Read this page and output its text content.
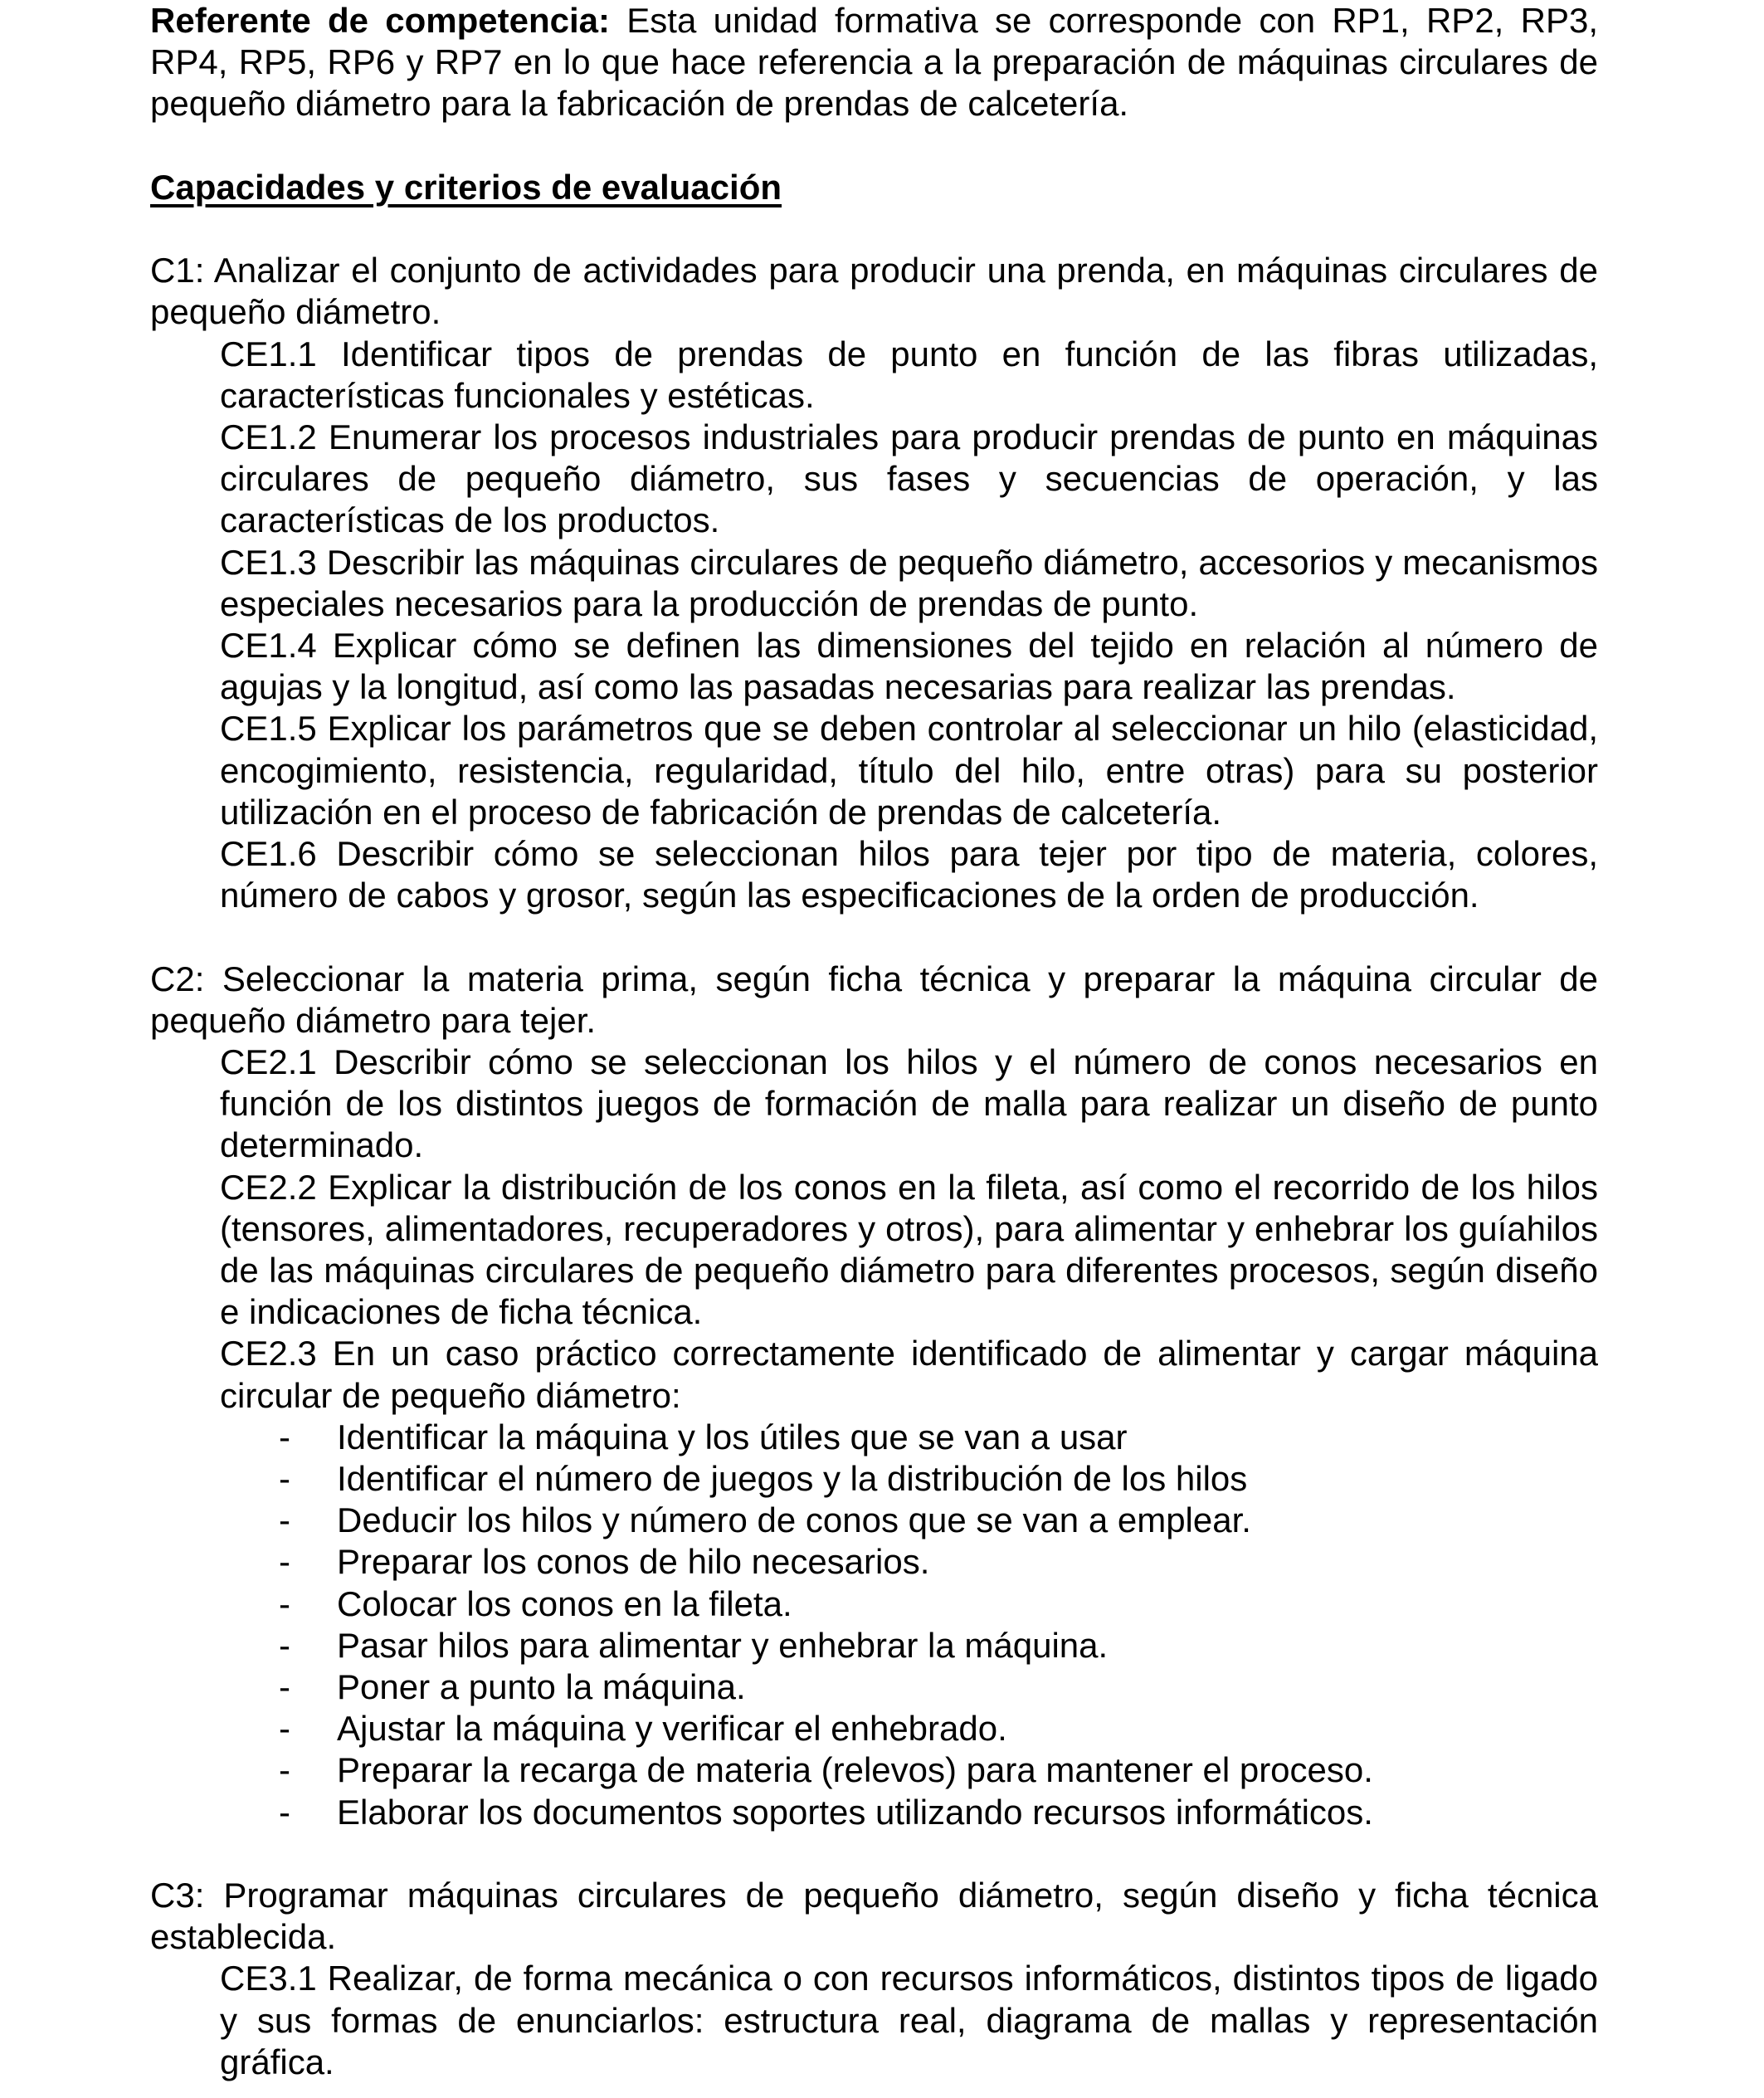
Referente de competencia: Esta unidad formativa se corresponde con RP1, RP2, RP3, RP4, RP5, RP6 y RP7 en lo que hace referencia a la preparación de máquinas circulares de pequeño diámetro para la fabricación de prendas de calcetería.

Capacidades y criterios de evaluación

C1: Analizar el conjunto de actividades para producir una prenda, en máquinas circulares de pequeño diámetro.

CE1.1 Identificar tipos de prendas de punto en función de las fibras utilizadas, características funcionales y estéticas.

CE1.2 Enumerar los procesos industriales para producir prendas de punto en máquinas circulares de pequeño diámetro, sus fases y secuencias de operación, y las características de los productos.

CE1.3 Describir las máquinas circulares de pequeño diámetro, accesorios y mecanismos especiales necesarios para la producción de prendas de punto.

CE1.4 Explicar cómo se definen las dimensiones del tejido en relación al número de agujas y la longitud, así como las pasadas necesarias para realizar las prendas.

CE1.5 Explicar los parámetros que se deben controlar al seleccionar un hilo (elasticidad, encogimiento, resistencia, regularidad, título del hilo, entre otras) para su posterior utilización en el proceso de fabricación de prendas de calcetería.

CE1.6 Describir cómo se seleccionan hilos para tejer por tipo de materia, colores, número de cabos y grosor, según las especificaciones de la orden de producción.

C2: Seleccionar la materia prima, según ficha técnica y preparar la máquina circular de pequeño diámetro para tejer.

CE2.1 Describir cómo se seleccionan los hilos y el número de conos necesarios en función de los distintos juegos de formación de malla para realizar un diseño de punto determinado.

CE2.2 Explicar la distribución de los conos en la fileta, así como el recorrido de los hilos (tensores, alimentadores, recuperadores y otros), para alimentar y enhebrar los guíahilos de las máquinas circulares de pequeño diámetro para diferentes procesos, según diseño e indicaciones de ficha técnica.

CE2.3 En un caso práctico correctamente identificado de alimentar y cargar máquina circular de pequeño diámetro:

- Identificar la máquina y los útiles que se van a usar
- Identificar el número de juegos y la distribución de los hilos
- Deducir los hilos y número de conos que se van a emplear.
- Preparar los conos de hilo necesarios.
- Colocar los conos en la fileta.
- Pasar hilos para alimentar y enhebrar la máquina.
- Poner a punto la máquina.
- Ajustar la máquina y verificar el enhebrado.
- Preparar la recarga de materia (relevos) para mantener el proceso.
- Elaborar los documentos soportes utilizando recursos informáticos.

C3: Programar máquinas circulares de pequeño diámetro, según diseño y ficha técnica establecida.

CE3.1 Realizar, de forma mecánica o con recursos informáticos, distintos tipos de ligado y sus formas de enunciarlos: estructura real, diagrama de mallas y representación gráfica.
